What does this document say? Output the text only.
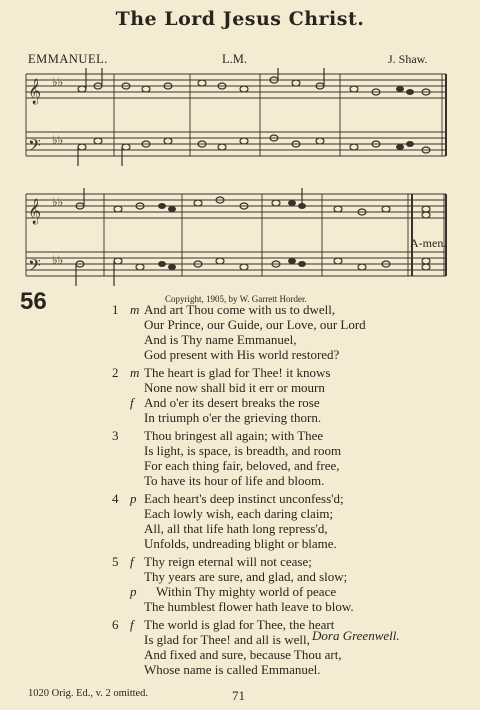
The Lord Jesus Christ.
EMMANUEL.	L.M.	J. Shaw.
𝄞
𝄢
♭♭
♭♭
𝄞
𝄢
♭♭
♭♭
A-men.
56	Copyright, 1905, by W. Garrett Horder.
1 m And art Thou come with us to dwell,
Our Prince, our Guide, our Love, our Lord
And is Thy name Emmanuel,
God present with His world restored?
2 m The heart is glad for Thee! it knows
None now shall bid it err or mourn
f And o'er its desert breaks the rose
In triumph o'er the grieving thorn.
3	Thou bringest all again; with Thee
Is light, is space, is breadth, and room
For each thing fair, beloved, and free,
To have its hour of life and bloom.
4 p Each heart's deep instinct unconfess'd;
Each lowly wish, each daring claim;
All, all that life hath long repress'd,
Unfolds, undreading blight or blame.
5 f Thy reign eternal will not cease;
Thy years are sure, and glad, and slow;
p Within Thy mighty world of peace
The humblest flower hath leave to blow.
6 f The world is glad for Thee, the heart
Is glad for Thee! and all is well,
And fixed and sure, because Thou art,
Whose name is called Emmanuel.
Dora Greenwell.
1020 Orig. Ed., v. 2 omitted.	71
